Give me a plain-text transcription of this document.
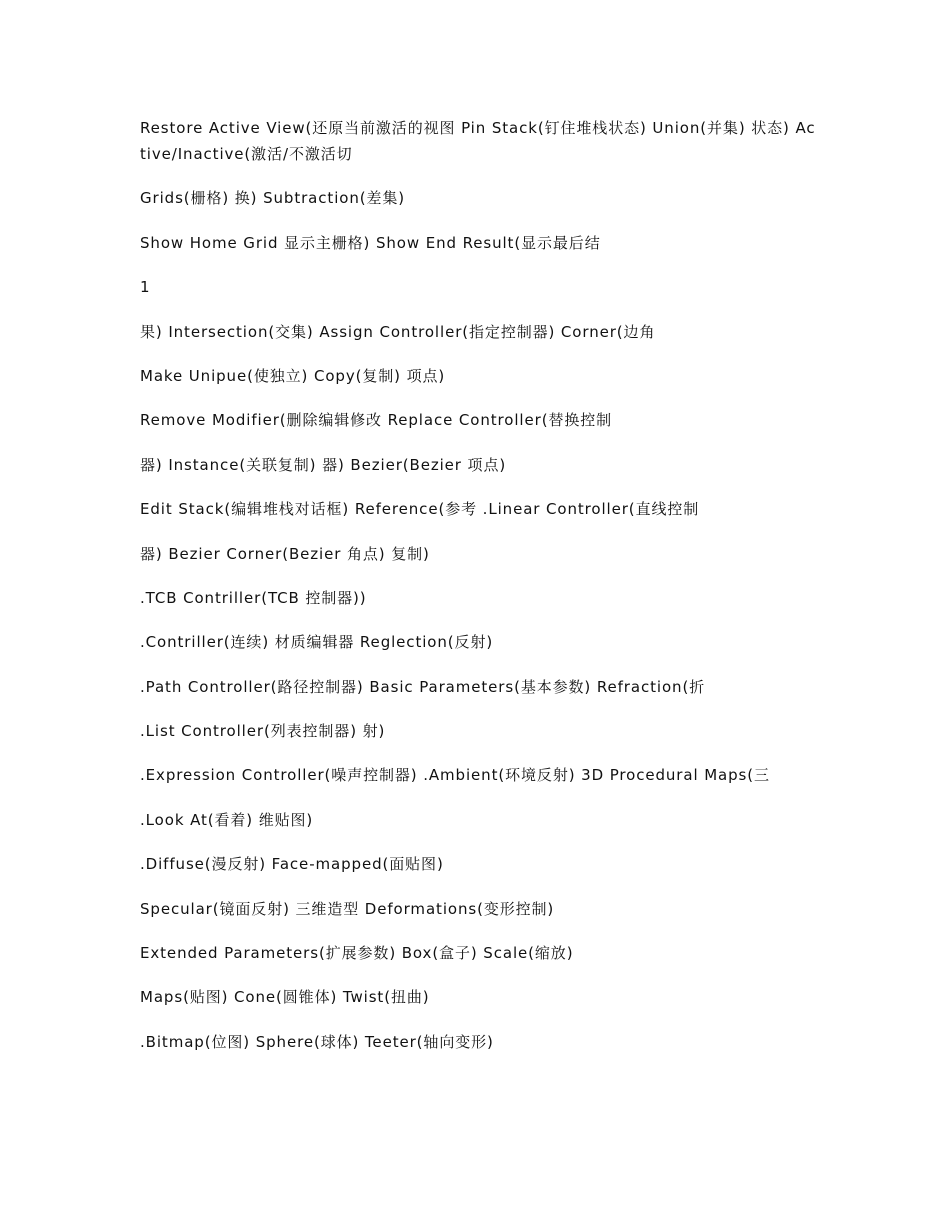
Restore Active View(还原当前激活的视图 Pin Stack(钉住堆栈状态) Union(并集) 状态) Active/Inactive(激活/不激活切

Grids(栅格) 换) Subtraction(差集)

Show Home Grid 显示主栅格) Show End Result(显示最后结

1

果) Intersection(交集) Assign Controller(指定控制器) Corner(边角

Make Unipue(使独立) Copy(复制) 项点)

Remove Modifier(删除编辑修改 Replace Controller(替换控制

器) Instance(关联复制) 器) Bezier(Bezier 项点)

Edit Stack(编辑堆栈对话框) Reference(参考 .Linear Controller(直线控制

器) Bezier Corner(Bezier 角点) 复制)

.TCB Contriller(TCB 控制器))

.Contriller(连续) 材质编辑器 Reglection(反射)

.Path Controller(路径控制器) Basic Parameters(基本参数) Refraction(折

.List Controller(列表控制器) 射)

.Expression Controller(噪声控制器) .Ambient(环境反射) 3D Procedural Maps(三

.Look At(看着) 维贴图)

.Diffuse(漫反射) Face-mapped(面贴图)

Specular(镜面反射) 三维造型 Deformations(变形控制)

Extended Parameters(扩展参数) Box(盒子) Scale(缩放)

Maps(贴图) Cone(圆锥体) Twist(扭曲)

.Bitmap(位图) Sphere(球体) Teeter(轴向变形)
